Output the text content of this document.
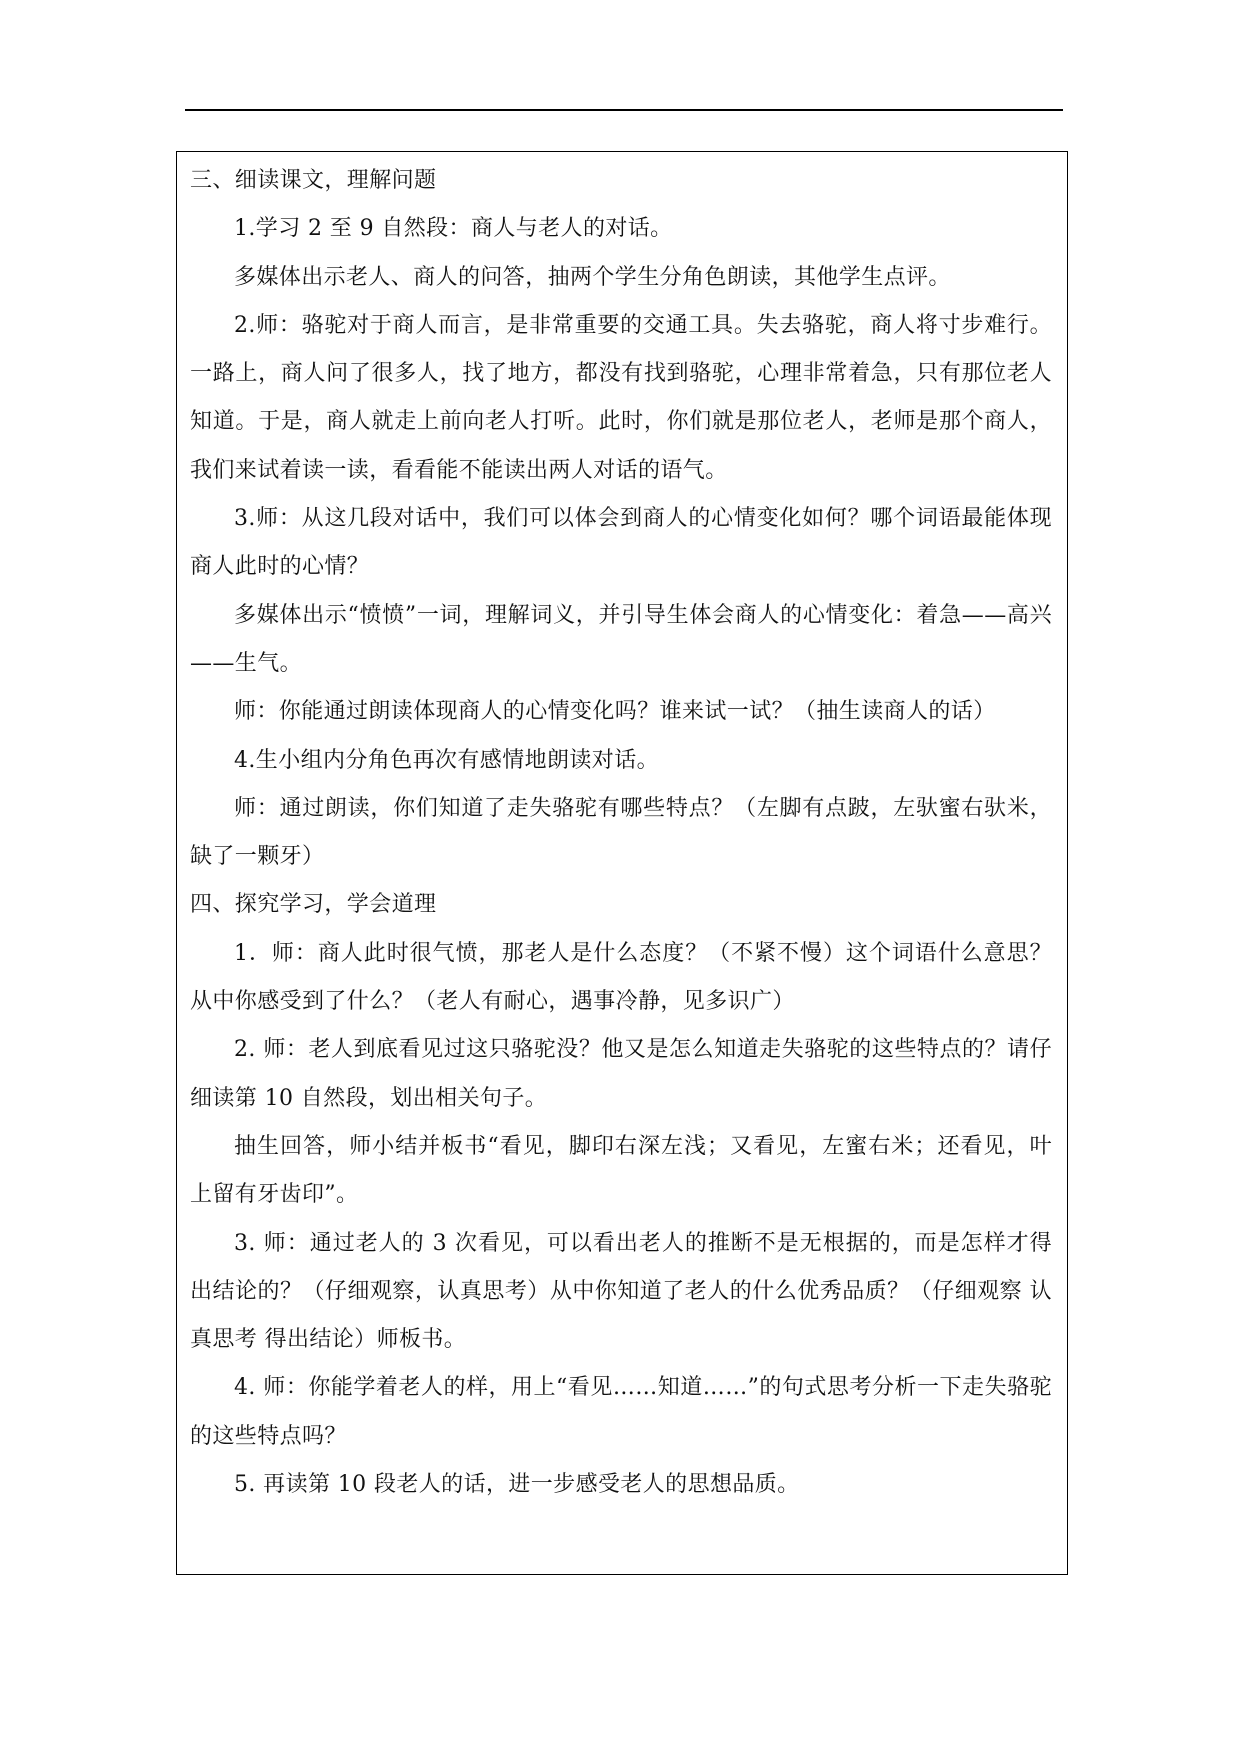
三、细读课文，理解问题

1.学习 2 至 9 自然段：商人与老人的对话。

多媒体出示老人、商人的问答，抽两个学生分角色朗读，其他学生点评。

2.师：骆驼对于商人而言，是非常重要的交通工具。失去骆驼，商人将寸步难行。一路上，商人问了很多人，找了地方，都没有找到骆驼，心理非常着急，只有那位老人知道。于是，商人就走上前向老人打听。此时，你们就是那位老人，老师是那个商人，我们来试着读一读，看看能不能读出两人对话的语气。

3.师：从这几段对话中，我们可以体会到商人的心情变化如何？哪个词语最能体现商人此时的心情？

多媒体出示“愤愤”一词，理解词义，并引导生体会商人的心情变化：着急——高兴——生气。

师：你能通过朗读体现商人的心情变化吗？谁来试一试？（抽生读商人的话）

4.生小组内分角色再次有感情地朗读对话。

师：通过朗读，你们知道了走失骆驼有哪些特点？（左脚有点跛，左驮蜜右驮米，缺了一颗牙）

四、探究学习，学会道理

1．师：商人此时很气愤，那老人是什么态度？（不紧不慢）这个词语什么意思？从中你感受到了什么？（老人有耐心，遇事冷静，见多识广）

2. 师：老人到底看见过这只骆驼没？他又是怎么知道走失骆驼的这些特点的？请仔细读第 10 自然段，划出相关句子。

抽生回答，师小结并板书“看见，脚印右深左浅；又看见，左蜜右米；还看见，叶上留有牙齿印”。

3. 师：通过老人的 3 次看见，可以看出老人的推断不是无根据的，而是怎样才得出结论的？（仔细观察，认真思考）从中你知道了老人的什么优秀品质？（仔细观察 认真思考 得出结论）师板书。

4. 师：你能学着老人的样，用上“看见……知道……”的句式思考分析一下走失骆驼的这些特点吗？

5. 再读第 10 段老人的话，进一步感受老人的思想品质。
